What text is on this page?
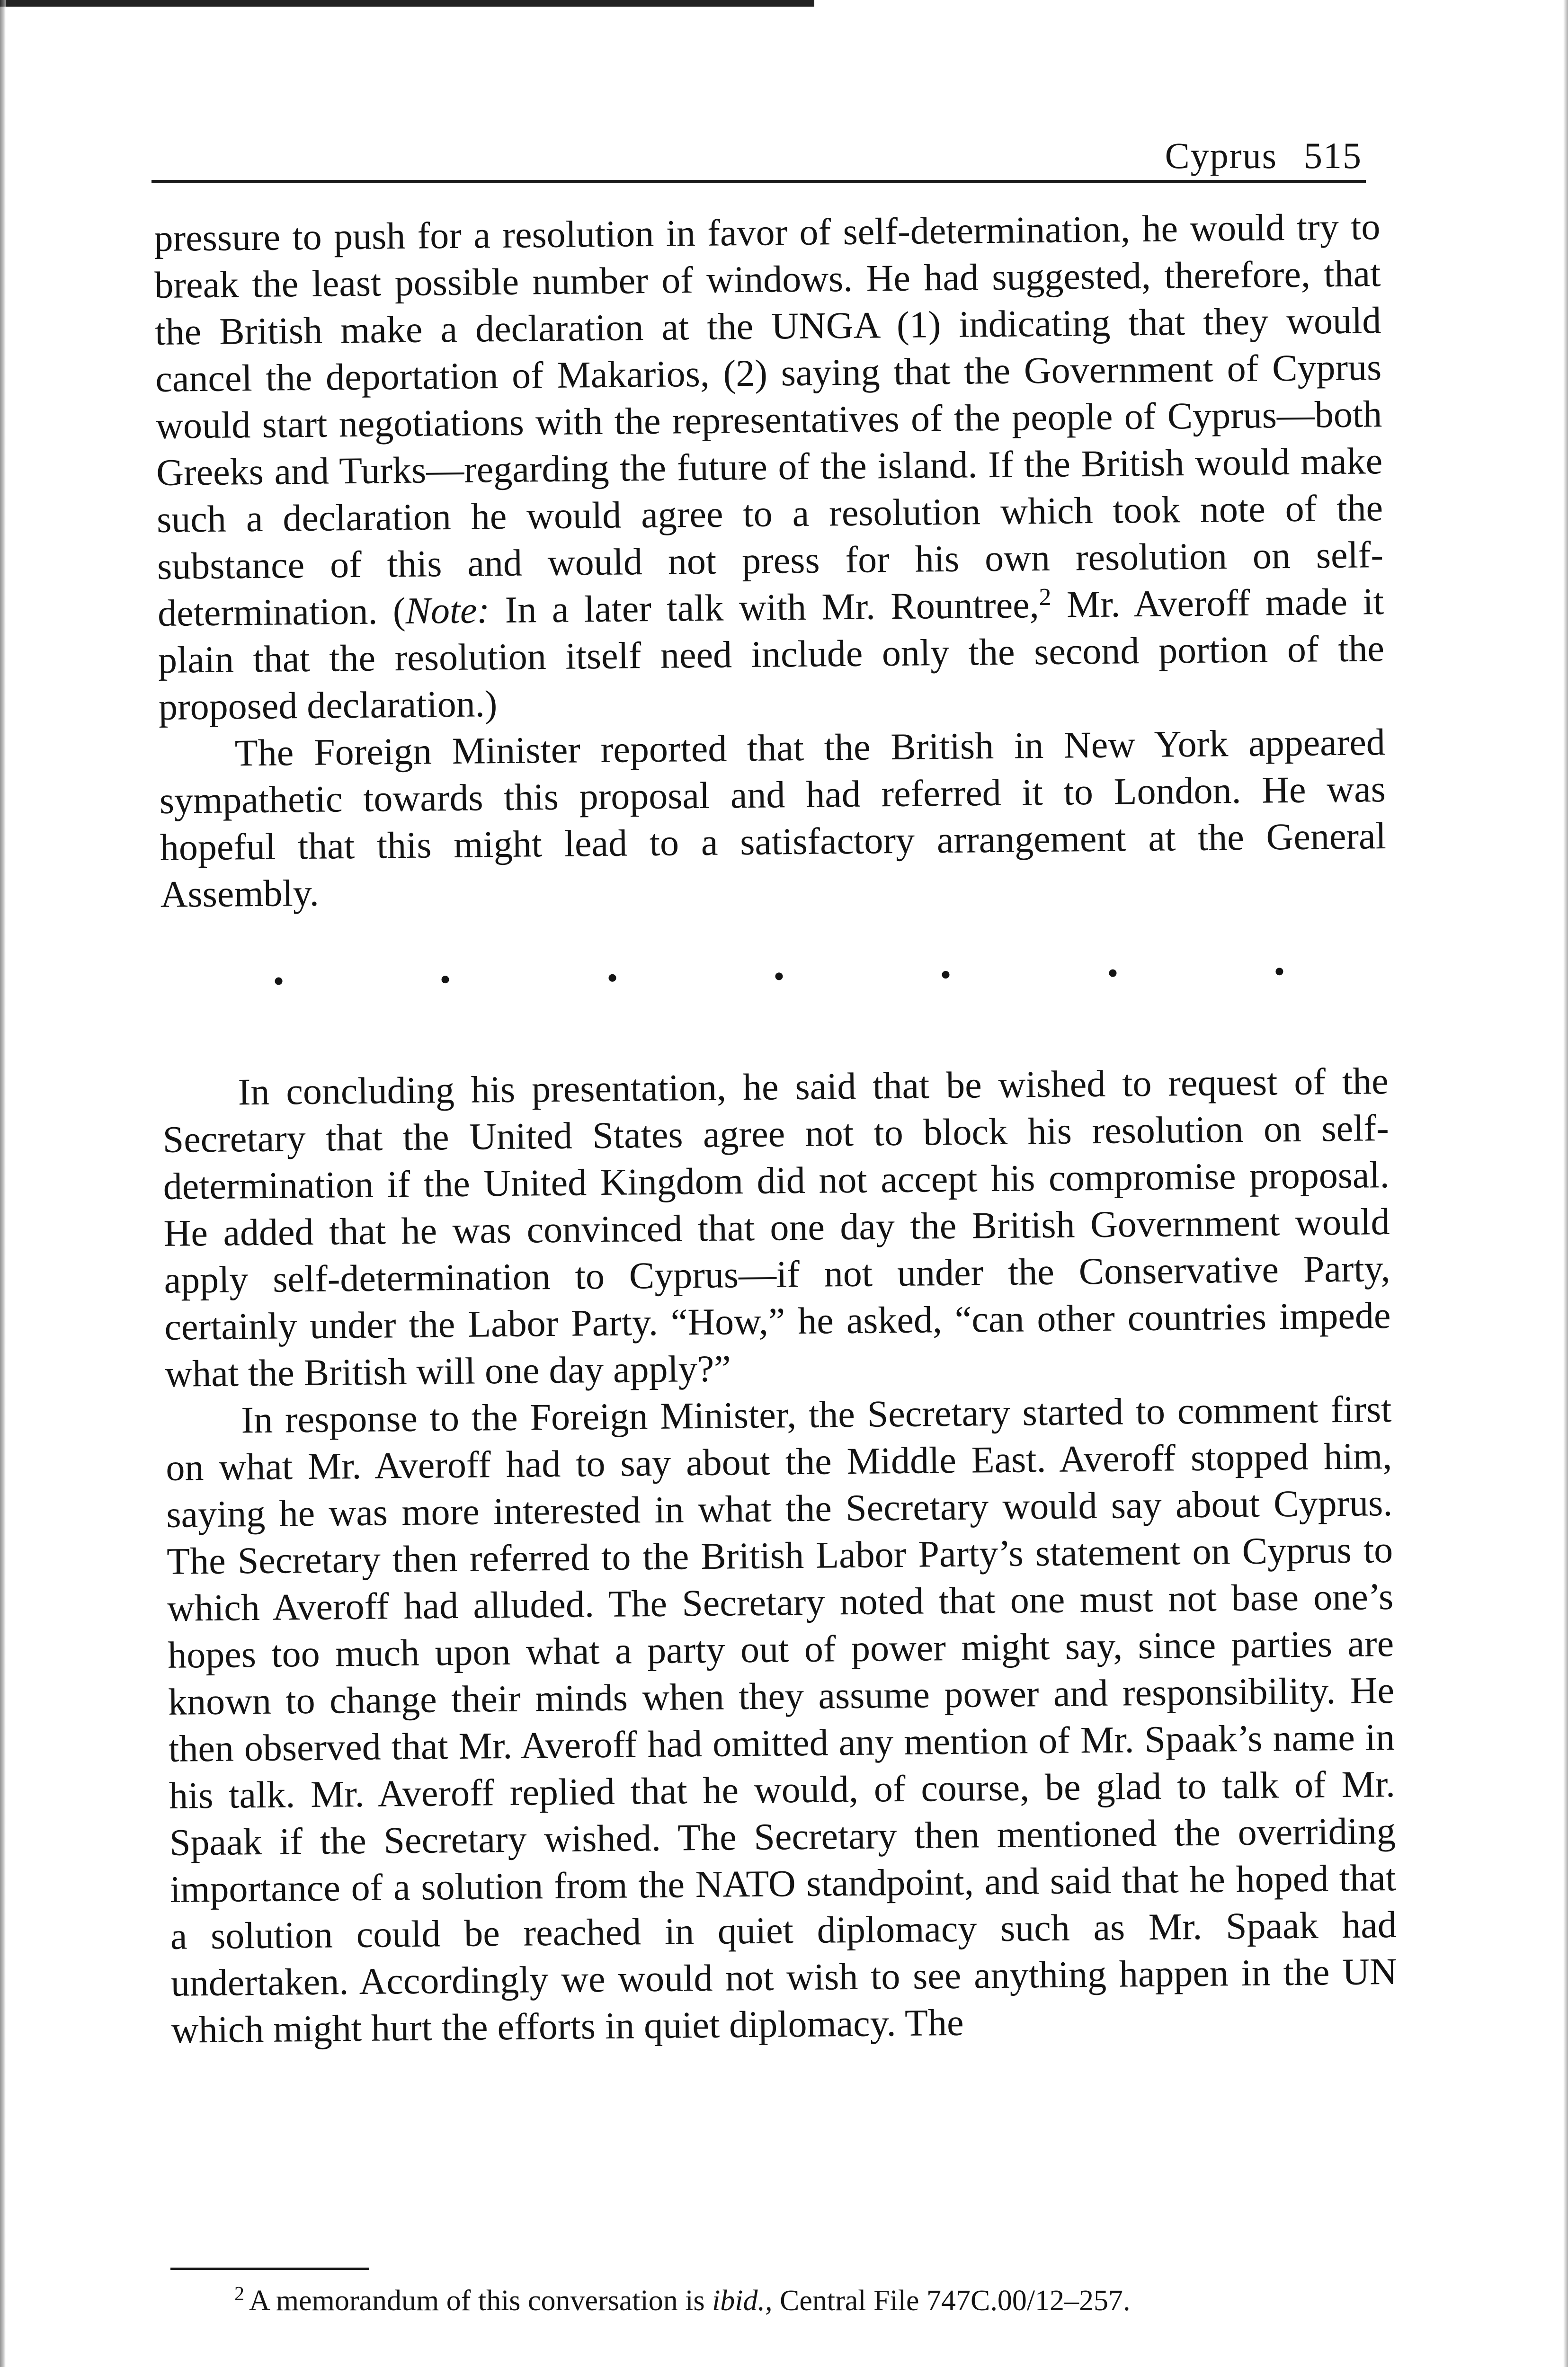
Cyprus 515

pressure to push for a resolution in favor of self-determination, he would try to break the least possible number of windows. He had suggested, therefore, that the British make a declaration at the UNGA (1) indicating that they would cancel the deportation of Makarios, (2) saying that the Government of Cyprus would start negotiations with the representatives of the people of Cyprus—both Greeks and Turks—regarding the future of the island. If the British would make such a declaration he would agree to a resolution which took note of the substance of this and would not press for his own resolution on self-determination. (Note: In a later talk with Mr. Rountree,$^2$ Mr. Averoff made it plain that the resolution itself need include only the second portion of the proposed declaration.)

The Foreign Minister reported that the British in New York appeared sympathetic towards this proposal and had referred it to London. He was hopeful that this might lead to a satisfactory arrangement at the General Assembly.

In concluding his presentation, he said that be wished to request of the Secretary that the United States agree not to block his resolution on self-determination if the United Kingdom did not accept his compromise proposal. He added that he was convinced that one day the British Government would apply self-determination to Cyprus—if not under the Conservative Party, certainly under the Labor Party. “How,” he asked, “can other countries impede what the British will one day apply?”

In response to the Foreign Minister, the Secretary started to comment first on what Mr. Averoff had to say about the Middle East. Averoff stopped him, saying he was more interested in what the Secretary would say about Cyprus. The Secretary then referred to the British Labor Party’s statement on Cyprus to which Averoff had alluded. The Secretary noted that one must not base one’s hopes too much upon what a party out of power might say, since parties are known to change their minds when they assume power and responsibility. He then observed that Mr. Averoff had omitted any mention of Mr. Spaak’s name in his talk. Mr. Averoff replied that he would, of course, be glad to talk of Mr. Spaak if the Secretary wished. The Secretary then mentioned the overriding importance of a solution from the NATO standpoint, and said that he hoped that a solution could be reached in quiet diplomacy such as Mr. Spaak had undertaken. Accordingly we would not wish to see anything happen in the UN which might hurt the efforts in quiet diplomacy. The

$^2$ A memorandum of this conversation is ibid., Central File 747C.00/12–257.
